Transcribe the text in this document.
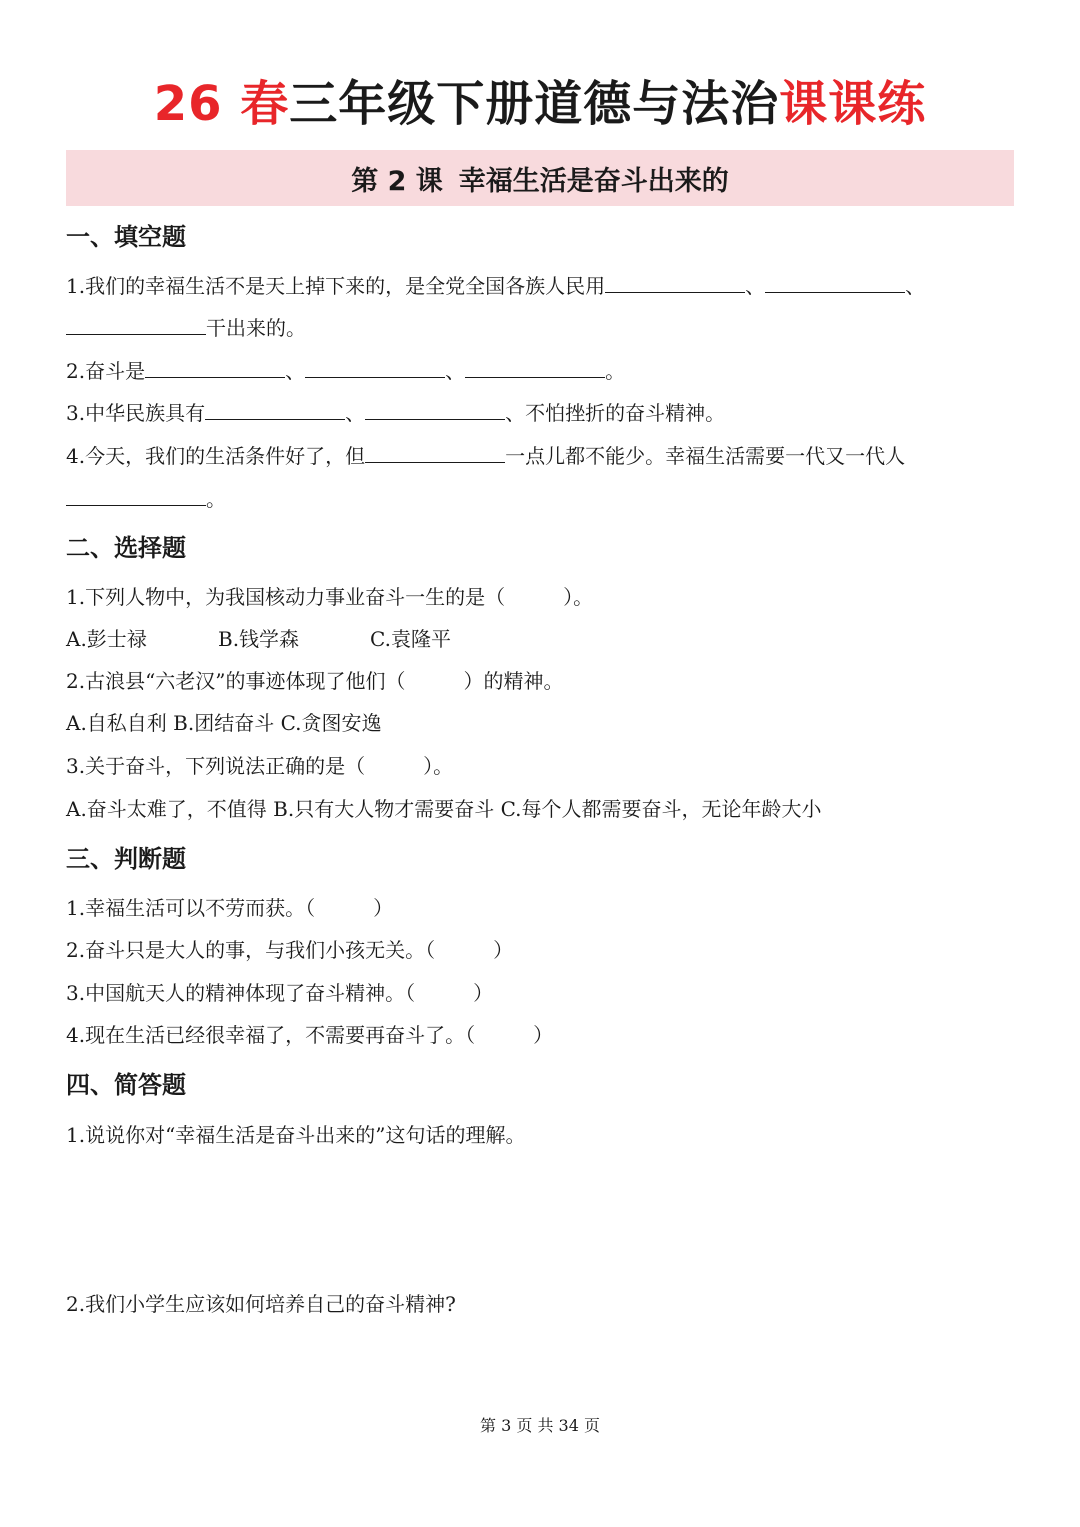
26 春三年级下册道德与法治课课练
第 2 课 幸福生活是奋斗出来的
一、填空题
1.我们的幸福生活不是天上掉下来的，是全党全国各族人民用	、	、
干出来的。
2.奋斗是	、	、	。
3.中华民族具有	、	、不怕挫折的奋斗精神。
4.今天，我们的生活条件好了，但	一点儿都不能少。幸福生活需要一代又一代人
。
二、选择题
1.下列人物中，为我国核动力事业奋斗一生的是（	）。
A.彭士禄	B.钱学森	C.袁隆平
2.古浪县“六老汉”的事迹体现了他们（	）的精神。
A.自私自利 B.团结奋斗 C.贪图安逸
3.关于奋斗，下列说法正确的是（	）。
A.奋斗太难了，不值得 B.只有大人物才需要奋斗 C.每个人都需要奋斗，无论年龄大小
三、判断题
1.幸福生活可以不劳而获。（	）
2.奋斗只是大人的事，与我们小孩无关。（	）
3.中国航天人的精神体现了奋斗精神。（	）
4.现在生活已经很幸福了，不需要再奋斗了。（	）
四、简答题
1.说说你对“幸福生活是奋斗出来的”这句话的理解。
2.我们小学生应该如何培养自己的奋斗精神?
第 3 页 共 34 页
